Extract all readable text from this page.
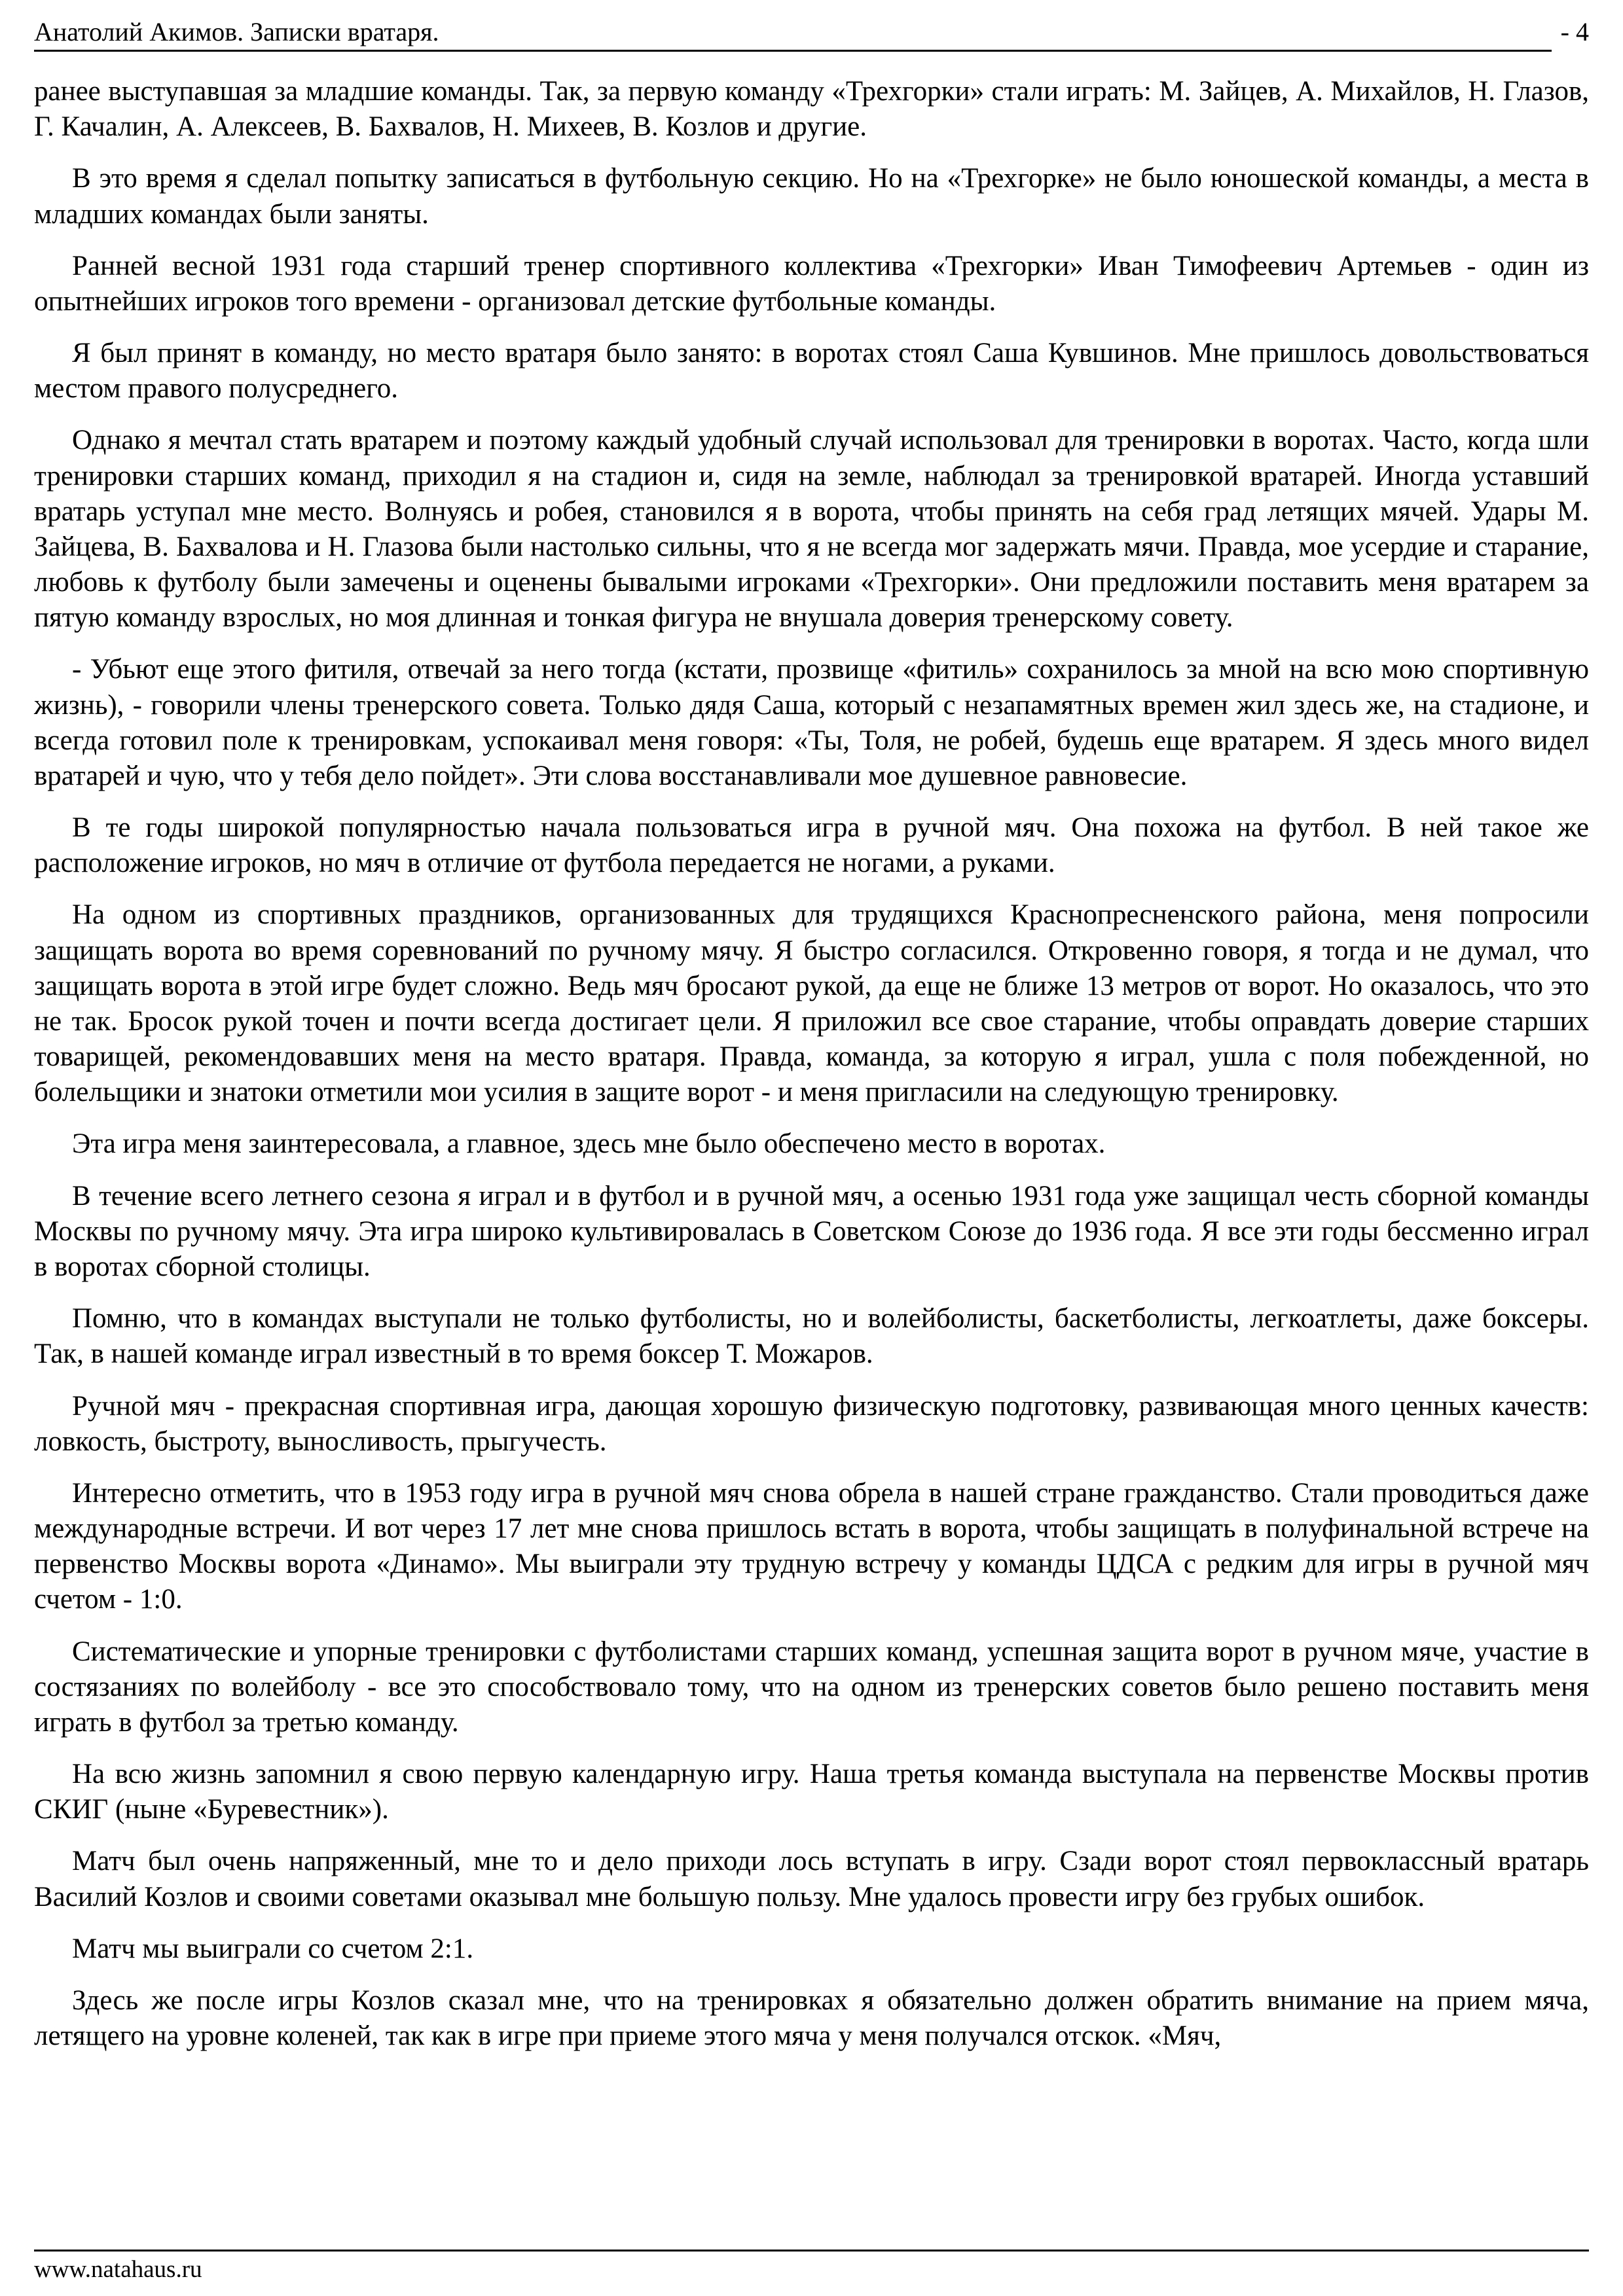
Анатолий Акимов. Записки вратаря.	- 4

ранее выступавшая за младшие команды. Так, за первую команду «Трехгорки» стали играть: М. Зайцев, А. Михайлов, Н. Глазов, Г. Качалин, А. Алексеев, В. Бахвалов, Н. Михеев, В. Козлов и другие.

В это время я сделал попытку записаться в футбольную секцию. Но на «Трехгорке» не было юношеской команды, а места в младших командах были заняты.

Ранней весной 1931 года старший тренер спортивного коллектива «Трехгорки» Иван Тимофеевич Артемьев - один из опытнейших игроков того времени - организовал детские футбольные команды.

Я был принят в команду, но место вратаря было занято: в воротах стоял Саша Кувшинов. Мне пришлось довольствоваться местом правого полусреднего.

Однако я мечтал стать вратарем и поэтому каждый удобный случай использовал для тренировки в воротах. Часто, когда шли тренировки старших команд, приходил я на стадион и, сидя на земле, наблюдал за тренировкой вратарей. Иногда уставший вратарь уступал мне место. Волнуясь и робея, становился я в ворота, чтобы принять на себя град летящих мячей. Удары М. Зайцева, В. Бахвалова и Н. Глазова были настолько сильны, что я не всегда мог задержать мячи. Правда, мое усердие и старание, любовь к футболу были замечены и оценены бывалыми игроками «Трехгорки». Они предложили поставить меня вратарем за пятую команду взрослых, но моя длинная и тонкая фигура не внушала доверия тренерскому совету.

- Убьют еще этого фитиля, отвечай за него тогда (кстати, прозвище «фитиль» сохранилось за мной на всю мою спортивную жизнь), - говорили члены тренерского совета. Только дядя Саша, который с незапамятных времен жил здесь же, на стадионе, и всегда готовил поле к тренировкам, успокаивал меня говоря: «Ты, Толя, не робей, будешь еще вратарем. Я здесь много видел вратарей и чую, что у тебя дело пойдет». Эти слова восстанавливали мое душевное равновесие.

В те годы широкой популярностью начала пользоваться игра в ручной мяч. Она похожа на футбол. В ней такое же расположение игроков, но мяч в отличие от футбола передается не ногами, а руками.

На одном из спортивных праздников, организованных для трудящихся Краснопресненского района, меня попросили защищать ворота во время соревнований по ручному мячу. Я быстро согласился. Откровенно говоря, я тогда и не думал, что защищать ворота в этой игре будет сложно. Ведь мяч бросают рукой, да еще не ближе 13 метров от ворот. Но оказалось, что это не так. Бросок рукой точен и почти всегда достигает цели. Я приложил все свое старание, чтобы оправдать доверие старших товарищей, рекомендовавших меня на место вратаря. Правда, команда, за которую я играл, ушла с поля побежденной, но болельщики и знатоки отметили мои усилия в защите ворот - и меня пригласили на следующую тренировку.

Эта игра меня заинтересовала, а главное, здесь мне было обеспечено место в воротах.

В течение всего летнего сезона я играл и в футбол и в ручной мяч, а осенью 1931 года уже защищал честь сборной команды Москвы по ручному мячу. Эта игра широко культивировалась в Советском Союзе до 1936 года. Я все эти годы бессменно играл в воротах сборной столицы.

Помню, что в командах выступали не только футболисты, но и волейболисты, баскетболисты, легкоатлеты, даже боксеры. Так, в нашей команде играл известный в то время боксер Т. Можаров.

Ручной мяч - прекрасная спортивная игра, дающая хорошую физическую подготовку, развивающая много ценных качеств: ловкость, быстроту, выносливость, прыгучесть.

Интересно отметить, что в 1953 году игра в ручной мяч снова обрела в нашей стране гражданство. Стали проводиться даже международные встречи. И вот через 17 лет мне снова пришлось встать в ворота, чтобы защищать в полуфинальной встрече на первенство Москвы ворота «Динамо». Мы выиграли эту трудную встречу у команды ЦДСА с редким для игры в ручной мяч счетом - 1:0.

Систематические и упорные тренировки с футболистами старших команд, успешная защита ворот в ручном мяче, участие в состязаниях по волейболу - все это способствовало тому, что на одном из тренерских советов было решено поставить меня играть в футбол за третью команду.

На всю жизнь запомнил я свою первую календарную игру. Наша третья команда выступала на первенстве Москвы против СКИГ (ныне «Буревестник»).

Матч был очень напряженный, мне то и дело приходи лось вступать в игру. Сзади ворот стоял первоклассный вратарь Василий Козлов и своими советами оказывал мне большую пользу. Мне удалось провести игру без грубых ошибок.

Матч мы выиграли со счетом 2:1.

Здесь же после игры Козлов сказал мне, что на тренировках я обязательно должен обратить внимание на прием мяча, летящего на уровне коленей, так как в игре при приеме этого мяча у меня получался отскок. «Мяч,

www.natahaus.ru
